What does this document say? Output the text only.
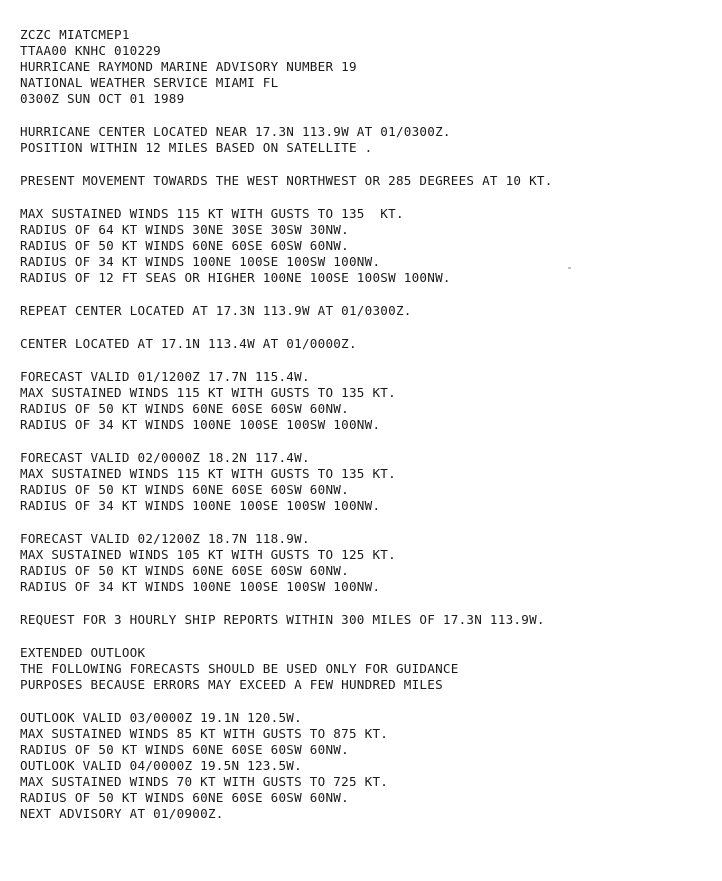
ZCZC MIATCMEP1
TTAA00 KNHC 010229
HURRICANE RAYMOND MARINE ADVISORY NUMBER 19
NATIONAL WEATHER SERVICE MIAMI FL
0300Z SUN OCT 01 1989
HURRICANE CENTER LOCATED NEAR 17.3N 113.9W AT 01/0300Z.
POSITION WITHIN 12 MILES BASED ON SATELLITE .
PRESENT MOVEMENT TOWARDS THE WEST NORTHWEST OR 285 DEGREES AT 10 KT.
MAX SUSTAINED WINDS 115 KT WITH GUSTS TO 135  KT.
RADIUS OF 64 KT WINDS 30NE 30SE 30SW 30NW.
RADIUS OF 50 KT WINDS 60NE 60SE 60SW 60NW.
RADIUS OF 34 KT WINDS 100NE 100SE 100SW 100NW.
RADIUS OF 12 FT SEAS OR HIGHER 100NE 100SE 100SW 100NW.
REPEAT CENTER LOCATED AT 17.3N 113.9W AT 01/0300Z.
CENTER LOCATED AT 17.1N 113.4W AT 01/0000Z.
FORECAST VALID 01/1200Z 17.7N 115.4W.
MAX SUSTAINED WINDS 115 KT WITH GUSTS TO 135 KT.
RADIUS OF 50 KT WINDS 60NE 60SE 60SW 60NW.
RADIUS OF 34 KT WINDS 100NE 100SE 100SW 100NW.
FORECAST VALID 02/0000Z 18.2N 117.4W.
MAX SUSTAINED WINDS 115 KT WITH GUSTS TO 135 KT.
RADIUS OF 50 KT WINDS 60NE 60SE 60SW 60NW.
RADIUS OF 34 KT WINDS 100NE 100SE 100SW 100NW.
FORECAST VALID 02/1200Z 18.7N 118.9W.
MAX SUSTAINED WINDS 105 KT WITH GUSTS TO 125 KT.
RADIUS OF 50 KT WINDS 60NE 60SE 60SW 60NW.
RADIUS OF 34 KT WINDS 100NE 100SE 100SW 100NW.
REQUEST FOR 3 HOURLY SHIP REPORTS WITHIN 300 MILES OF 17.3N 113.9W.
EXTENDED OUTLOOK
THE FOLLOWING FORECASTS SHOULD BE USED ONLY FOR GUIDANCE
PURPOSES BECAUSE ERRORS MAY EXCEED A FEW HUNDRED MILES
OUTLOOK VALID 03/0000Z 19.1N 120.5W.
MAX SUSTAINED WINDS 85 KT WITH GUSTS TO 875 KT.
RADIUS OF 50 KT WINDS 60NE 60SE 60SW 60NW.
OUTLOOK VALID 04/0000Z 19.5N 123.5W.
MAX SUSTAINED WINDS 70 KT WITH GUSTS TO 725 KT.
RADIUS OF 50 KT WINDS 60NE 60SE 60SW 60NW.
NEXT ADVISORY AT 01/0900Z.
